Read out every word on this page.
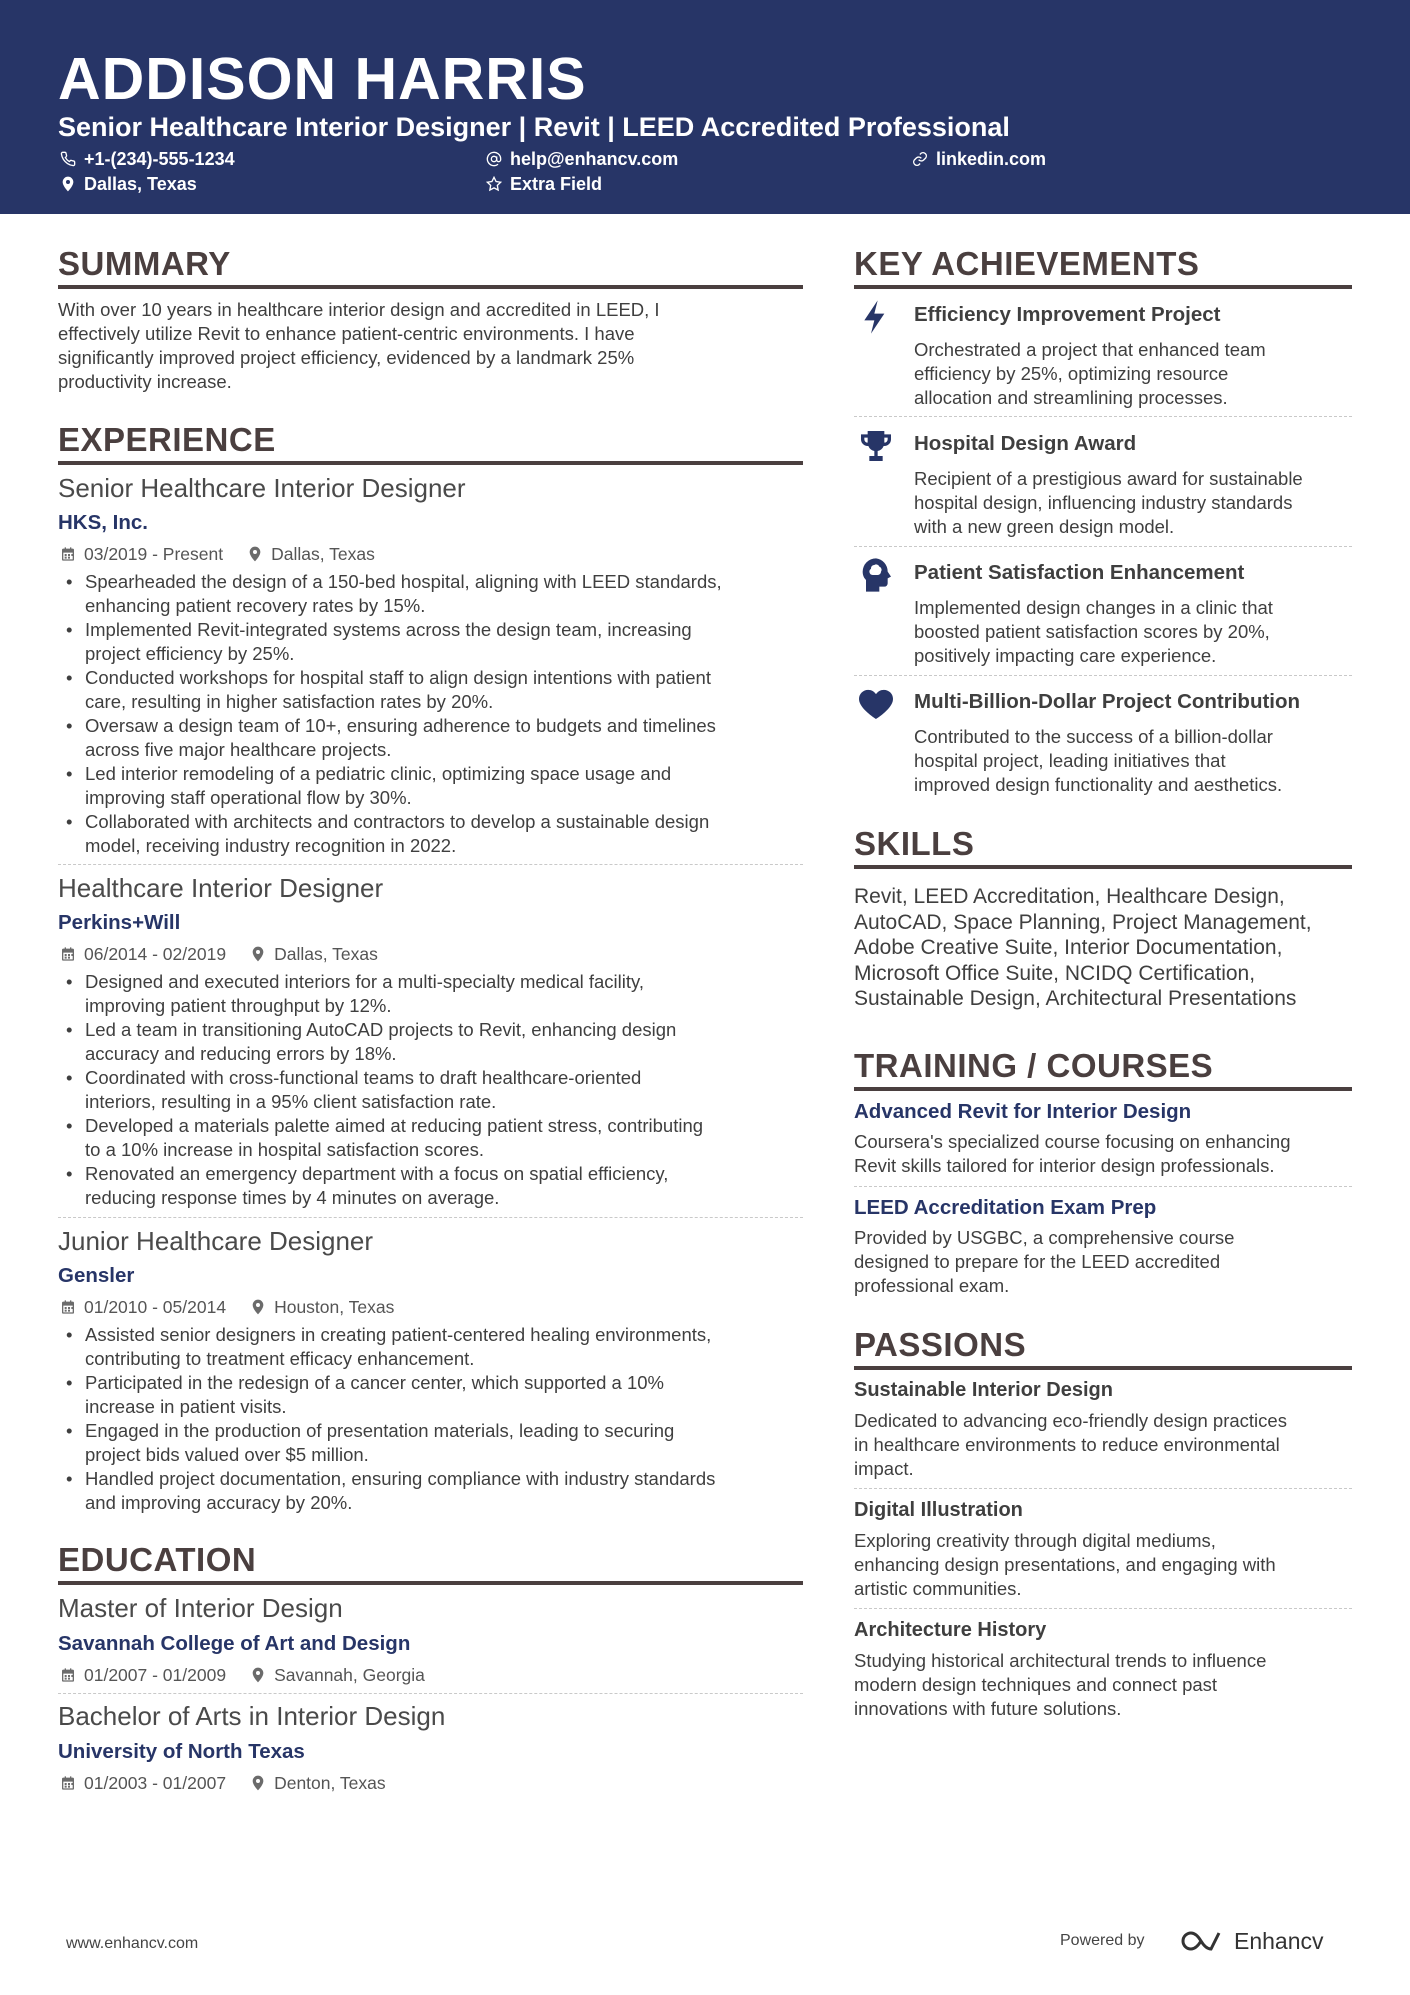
ADDISON HARRIS
Senior Healthcare Interior Designer | Revit | LEED Accredited Professional
+1-(234)-555-1234	help@enhancv.com	linkedin.com
Dallas, Texas	Extra Field
SUMMARY
With over 10 years in healthcare interior design and accredited in LEED, I
effectively utilize Revit to enhance patient-centric environments. I have
significantly improved project efficiency, evidenced by a landmark 25%
productivity increase.
EXPERIENCE
Senior Healthcare Interior Designer
HKS, Inc.
03/2019 - Present	Dallas, Texas
• Spearheaded the design of a 150-bed hospital, aligning with LEED standards,
enhancing patient recovery rates by 15%.
• Implemented Revit-integrated systems across the design team, increasing
project efficiency by 25%.
• Conducted workshops for hospital staff to align design intentions with patient
care, resulting in higher satisfaction rates by 20%.
• Oversaw a design team of 10+, ensuring adherence to budgets and timelines
across five major healthcare projects.
• Led interior remodeling of a pediatric clinic, optimizing space usage and
improving staff operational flow by 30%.
• Collaborated with architects and contractors to develop a sustainable design
model, receiving industry recognition in 2022.
Healthcare Interior Designer
Perkins+Will
06/2014 - 02/2019	Dallas, Texas
• Designed and executed interiors for a multi-specialty medical facility,
improving patient throughput by 12%.
• Led a team in transitioning AutoCAD projects to Revit, enhancing design
accuracy and reducing errors by 18%.
• Coordinated with cross-functional teams to draft healthcare-oriented
interiors, resulting in a 95% client satisfaction rate.
• Developed a materials palette aimed at reducing patient stress, contributing
to a 10% increase in hospital satisfaction scores.
• Renovated an emergency department with a focus on spatial efficiency,
reducing response times by 4 minutes on average.
Junior Healthcare Designer
Gensler
01/2010 - 05/2014	Houston, Texas
• Assisted senior designers in creating patient-centered healing environments,
contributing to treatment efficacy enhancement.
• Participated in the redesign of a cancer center, which supported a 10%
increase in patient visits.
• Engaged in the production of presentation materials, leading to securing
project bids valued over $5 million.
• Handled project documentation, ensuring compliance with industry standards
and improving accuracy by 20%.
EDUCATION
Master of Interior Design
Savannah College of Art and Design
01/2007 - 01/2009	Savannah, Georgia
Bachelor of Arts in Interior Design
University of North Texas
01/2003 - 01/2007	Denton, Texas
KEY ACHIEVEMENTS
Efficiency Improvement Project
Orchestrated a project that enhanced team
efficiency by 25%, optimizing resource
allocation and streamlining processes.
Hospital Design Award
Recipient of a prestigious award for sustainable
hospital design, influencing industry standards
with a new green design model.
Patient Satisfaction Enhancement
Implemented design changes in a clinic that
boosted patient satisfaction scores by 20%,
positively impacting care experience.
Multi-Billion-Dollar Project Contribution
Contributed to the success of a billion-dollar
hospital project, leading initiatives that
improved design functionality and aesthetics.
SKILLS
Revit, LEED Accreditation, Healthcare Design,
AutoCAD, Space Planning, Project Management,
Adobe Creative Suite, Interior Documentation,
Microsoft Office Suite, NCIDQ Certification,
Sustainable Design, Architectural Presentations
TRAINING / COURSES
Advanced Revit for Interior Design
Coursera's specialized course focusing on enhancing
Revit skills tailored for interior design professionals.
LEED Accreditation Exam Prep
Provided by USGBC, a comprehensive course
designed to prepare for the LEED accredited
professional exam.
PASSIONS
Sustainable Interior Design
Dedicated to advancing eco-friendly design practices
in healthcare environments to reduce environmental
impact.
Digital Illustration
Exploring creativity through digital mediums,
enhancing design presentations, and engaging with
artistic communities.
Architecture History
Studying historical architectural trends to influence
modern design techniques and connect past
innovations with future solutions.
www.enhancv.com	Powered by	Enhancv
